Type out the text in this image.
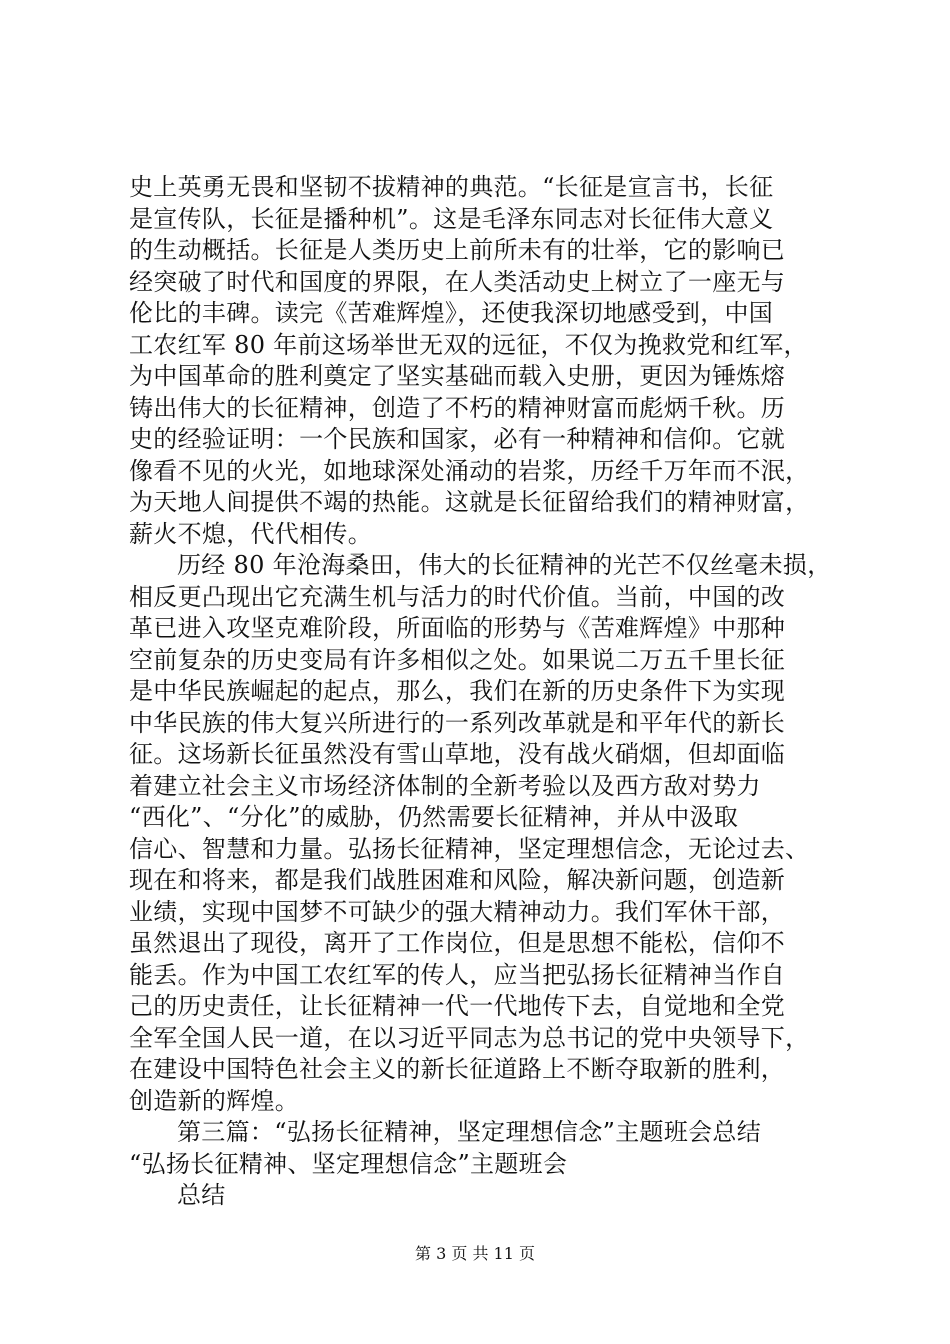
史上英勇无畏和坚韧不拔精神的典范。“长征是宣言书，长征
是宣传队，长征是播种机”。这是毛泽东同志对长征伟大意义
的生动概括。长征是人类历史上前所未有的壮举，它的影响已
经突破了时代和国度的界限，在人类活动史上树立了一座无与
伦比的丰碑。读完《苦难辉煌》，还使我深切地感受到，中国
工农红军 80 年前这场举世无双的远征，不仅为挽救党和红军，
为中国革命的胜利奠定了坚实基础而载入史册，更因为锤炼熔
铸出伟大的长征精神，创造了不朽的精神财富而彪炳千秋。历
史的经验证明：一个民族和国家，必有一种精神和信仰。它就
像看不见的火光，如地球深处涌动的岩浆，历经千万年而不泯，
为天地人间提供不竭的热能。这就是长征留给我们的精神财富，
薪火不熄，代代相传。
历经 80 年沧海桑田，伟大的长征精神的光芒不仅丝毫未损，
相反更凸现出它充满生机与活力的时代价值。当前，中国的改
革已进入攻坚克难阶段，所面临的形势与《苦难辉煌》中那种
空前复杂的历史变局有许多相似之处。如果说二万五千里长征
是中华民族崛起的起点，那么，我们在新的历史条件下为实现
中华民族的伟大复兴所进行的一系列改革就是和平年代的新长
征。这场新长征虽然没有雪山草地，没有战火硝烟，但却面临
着建立社会主义市场经济体制的全新考验以及西方敌对势力
“西化”、“分化”的威胁，仍然需要长征精神，并从中汲取
信心、智慧和力量。弘扬长征精神，坚定理想信念，无论过去、
现在和将来，都是我们战胜困难和风险，解决新问题，创造新
业绩，实现中国梦不可缺少的强大精神动力。我们军休干部，
虽然退出了现役，离开了工作岗位，但是思想不能松，信仰不
能丢。作为中国工农红军的传人，应当把弘扬长征精神当作自
己的历史责任，让长征精神一代一代地传下去，自觉地和全党
全军全国人民一道，在以习近平同志为总书记的党中央领导下，
在建设中国特色社会主义的新长征道路上不断夺取新的胜利，
创造新的辉煌。
第三篇：“弘扬长征精神，坚定理想信念”主题班会总结
“弘扬长征精神、坚定理想信念”主题班会
总结
第 3 页 共 11 页
